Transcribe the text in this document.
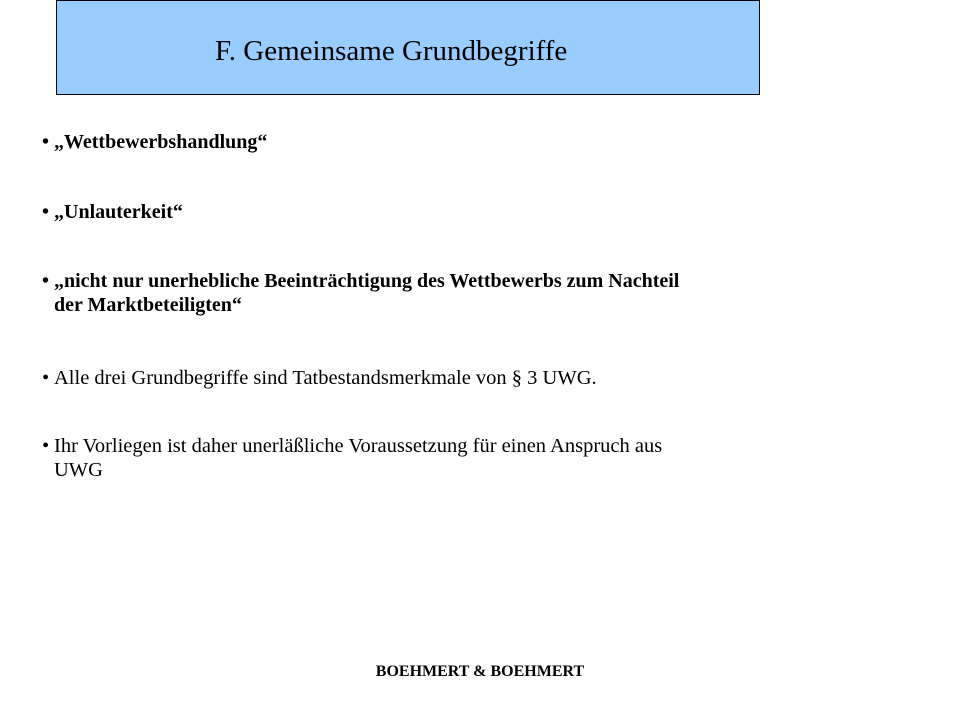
F. Gemeinsame Grundbegriffe
• „Wettbewerbshandlung“
• „Unlauterkeit“
• „nicht nur unerhebliche Beeinträchtigung des Wettbewerbs zum Nachteil
der Marktbeteiligten“
• Alle drei Grundbegriffe sind Tatbestandsmerkmale von § 3 UWG.
• Ihr Vorliegen ist daher unerläßliche Voraussetzung für einen Anspruch aus
UWG
BOEHMERT & BOEHMERT
